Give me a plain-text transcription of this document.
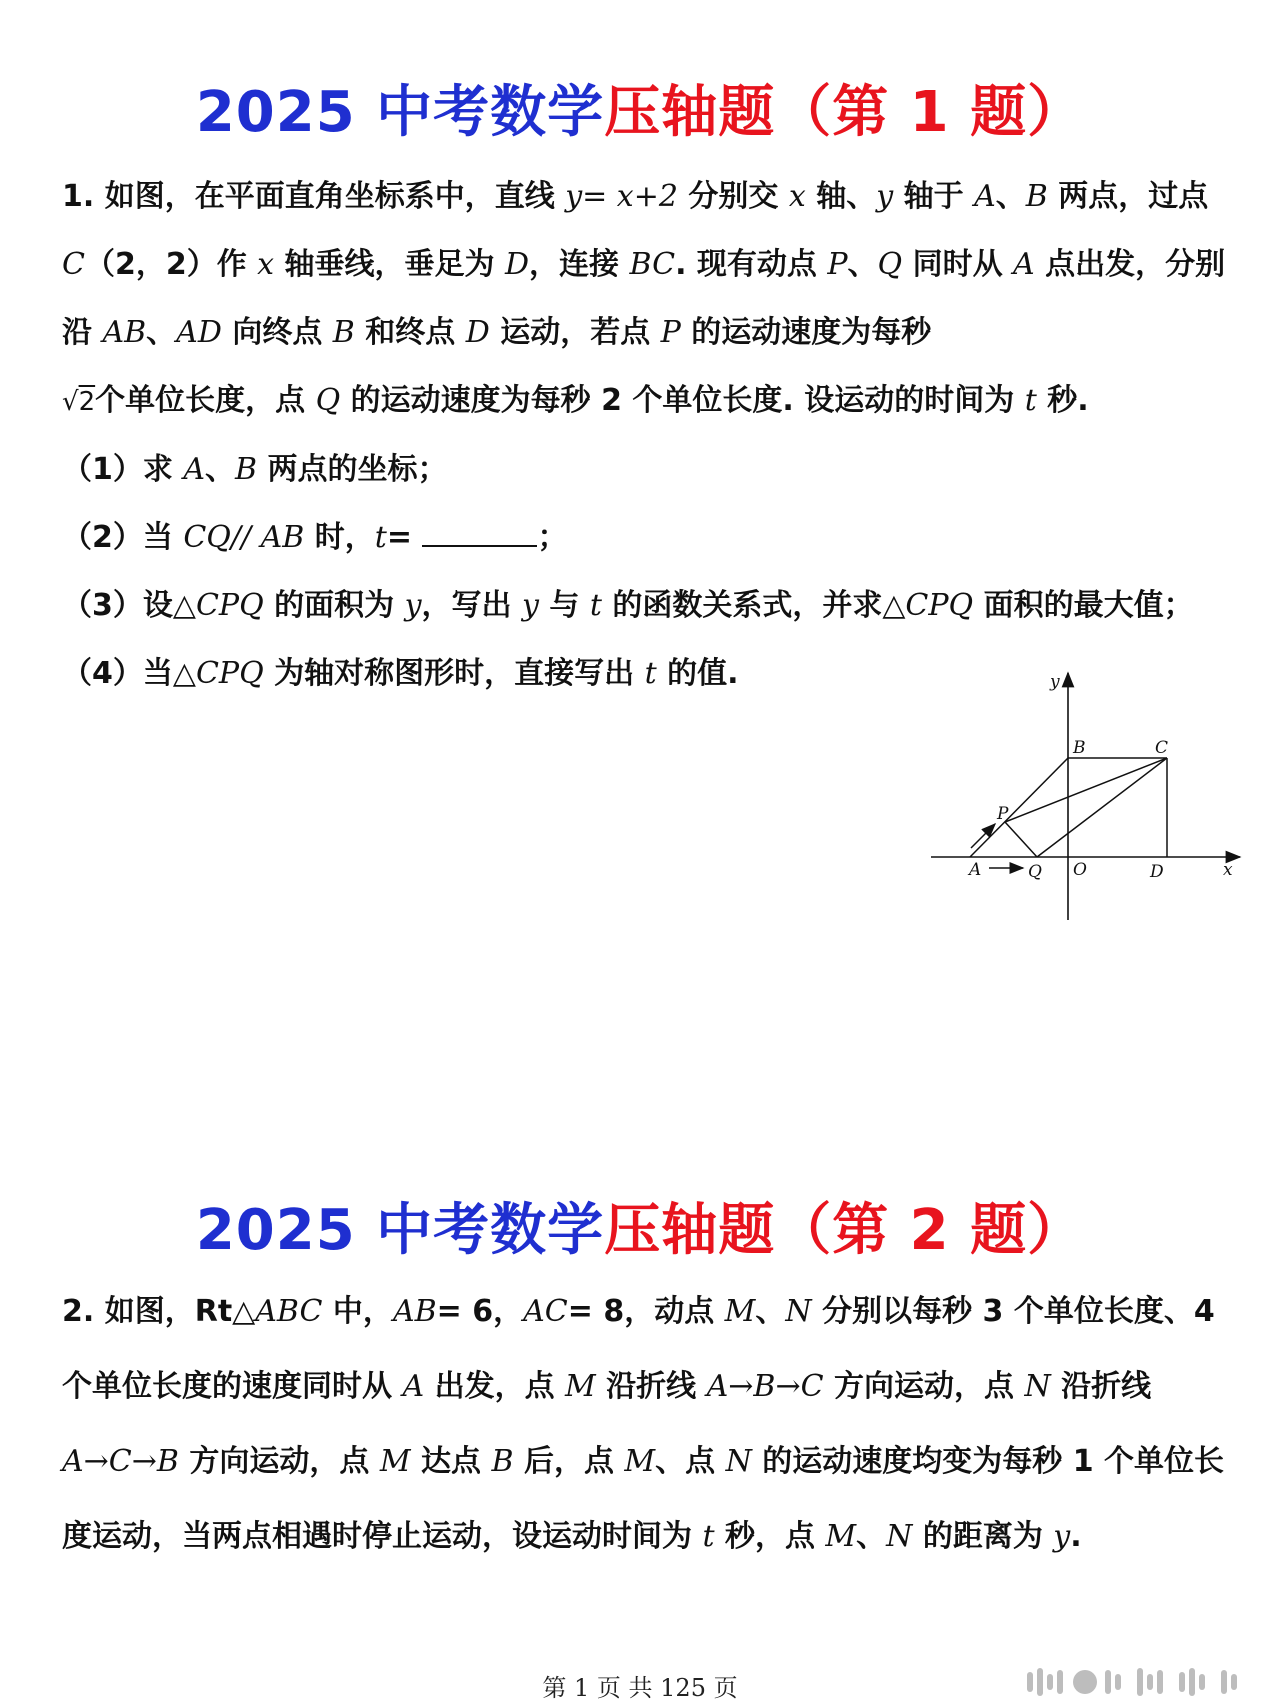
2025 中考数学压轴题（第 1 题）
1. 如图，在平面直角坐标系中，直线 y= x+2 分别交 x 轴、y 轴于 A、B 两点，过点 C（2，2）作 x 轴垂线，垂足为 D，连接 BC. 现有动点 P、Q 同时从 A 点出发，分别沿 AB、AD 向终点 B 和终点 D 运动，若点 P 的运动速度为每秒
√2个单位长度，点 Q 的运动速度为每秒 2 个单位长度. 设运动的时间为 t 秒.
（1）求 A、B 两点的坐标；
（2）当 CQ// AB 时，t=	；
（3）设△CPQ 的面积为 y，写出 y 与 t 的函数关系式，并求△CPQ 面积的最大值；
（4）当△CPQ 为轴对称图形时，直接写出 t 的值.	y
B	C
P
A	Q O	D	x
2025 中考数学压轴题（第 2 题）
2. 如图，Rt△ABC 中，AB= 6，AC= 8，动点 M、N 分别以每秒 3 个单位长度、4 个单位长度的速度同时从 A 出发，点 M 沿折线 A→B→C 方向运动，点 N 沿折线 A→C→B 方向运动，点 M 达点 B 后，点 M、点 N 的运动速度均变为每秒 1 个单位长度运动，当两点相遇时停止运动，设运动时间为 t 秒，点 M、N 的距离为 y.
第 1 页 共 125 页
